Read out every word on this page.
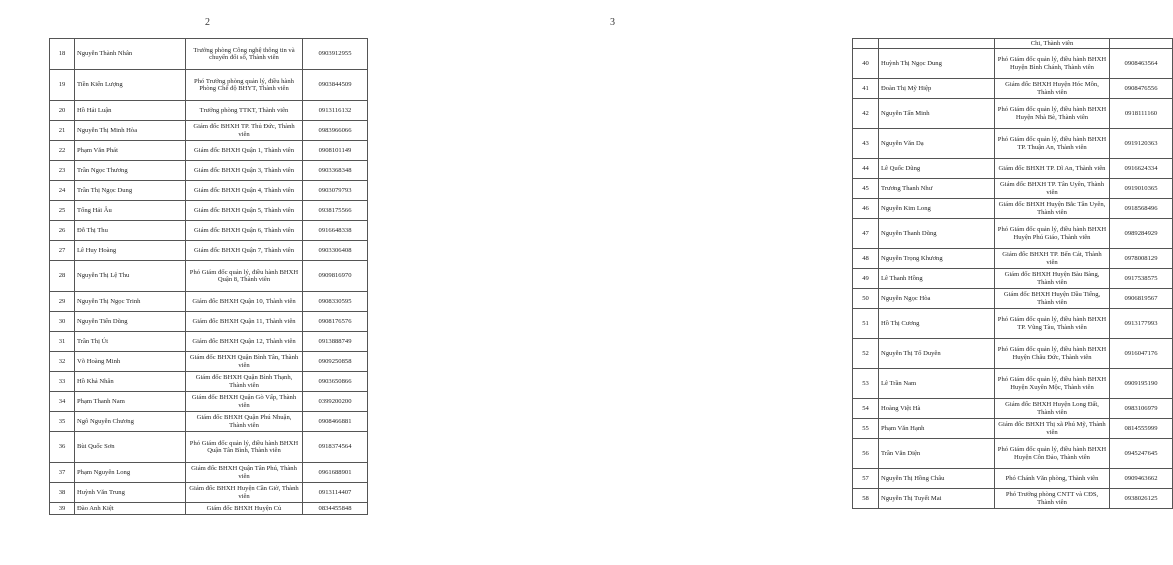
2
18	Nguyễn Thành Nhân	Trưởng phòng Công nghệ thông tin và chuyển đổi số, Thành viên	0903912955
19	Tiền Kiến Lượng	Phó Trưởng phòng quản lý, điều hành Phòng Chế độ BHYT, Thành viên	0903844509
20	Hồ Hải Luận	Trưởng phòng TTKT, Thành viên	0913116132
21	Nguyễn Thị Minh Hòa	Giám đốc BHXH TP. Thủ Đức, Thành viên	0983966066
22	Phạm Văn Phát	Giám đốc BHXH Quận 1, Thành viên	0908101149
23	Trần Ngọc Thương	Giám đốc BHXH Quận 3, Thành viên	0903368348
24	Trần Thị Ngọc Dung	Giám đốc BHXH Quận 4, Thành viên	0903079793
25	Tống Hải Âu	Giám đốc BHXH Quận 5, Thành viên	0938175566
26	Đỗ Thị Thu	Giám đốc BHXH Quận 6, Thành viên	0916648338
27	Lê Huy Hoàng	Giám đốc BHXH Quận 7, Thành viên	0903306408
28	Nguyễn Thị Lệ Thu	Phó Giám đốc quản lý, điều hành BHXH Quận 8, Thành viên	0909816970
29	Nguyễn Thị Ngọc Trinh	Giám đốc BHXH Quận 10, Thành viên	0908330595
30	Nguyễn Tiến Dũng	Giám đốc BHXH Quận 11, Thành viên	0908176576
31	Trần Thị Út	Giám đốc BHXH Quận 12, Thành viên	0913888749
32	Võ Hoàng Minh	Giám đốc BHXH Quận Bình Tân, Thành viên	0909250858
33	Hồ Khả Nhân	Giám đốc BHXH Quận Bình Thạnh, Thành viên	0903650866
34	Phạm Thanh Nam	Giám đốc BHXH Quận Gò Vấp, Thành viên	0399200200
35	Ngô Nguyễn Chương	Giám đốc BHXH Quận Phú Nhuận, Thành viên	0908466881
36	Bùi Quốc Sơn	Phó Giám đốc quản lý, điều hành BHXH Quận Tân Bình, Thành viên	0918374564
37	Phạm Nguyên Long	Giám đốc BHXH Quận Tân Phú, Thành viên	0961688901
38	Huỳnh Văn Trung	Giám đốc BHXH Huyện Cần Giờ, Thành viên	0913114407
39	Đào Anh Kiệt	Giám đốc BHXH Huyện Củ	0834455848
3
		Chi, Thành viên	
40	Huỳnh Thị Ngọc Dung	Phó Giám đốc quản lý, điều hành BHXH Huyện Bình Chánh, Thành viên	0908463564
41	Đoàn Thị Mỹ Hiệp	Giám đốc BHXH Huyện Hóc Môn, Thành viên	0908476556
42	Nguyễn Tấn Minh	Phó Giám đốc quản lý, điều hành BHXH Huyện Nhà Bè, Thành viên	0918111160
43	Nguyễn Văn Dạ	Phó Giám đốc quản lý, điều hành BHXH TP. Thuận An, Thành viên	0919120363
44	Lê Quốc Dũng	Giám đốc BHXH TP. Dĩ An, Thành viên	0916624334
45	Trương Thanh Như	Giám đốc BHXH TP. Tân Uyên, Thành viên	0919010365
46	Nguyễn Kim Long	Giám đốc BHXH Huyện Bắc Tân Uyên, Thành viên	0918568496
47	Nguyễn Thanh Dũng	Phó Giám đốc quản lý, điều hành BHXH Huyện Phú Giáo, Thành viên	0989284929
48	Nguyễn Trọng Khương	Giám đốc BHXH TP. Bến Cát, Thành viên	0978008129
49	Lê Thanh Hồng	Giám đốc BHXH Huyện Bàu Bàng, Thành viên	0917538575
50	Nguyễn Ngọc Hòa	Giám đốc BHXH Huyện Dầu Tiếng, Thành viên	0906819567
51	Hồ Thị Cương	Phó Giám đốc quản lý, điều hành BHXH TP. Vũng Tàu, Thành viên	0913177993
52	Nguyễn Thị Tố Duyên	Phó Giám đốc quản lý, điều hành BHXH Huyện Châu Đức, Thành viên	0916047176
53	Lê Trần Nam	Phó Giám đốc quản lý, điều hành BHXH Huyện Xuyên Mộc, Thành viên	0909195190
54	Hoàng Việt Hà	Giám đốc BHXH Huyện Long Đất, Thành viên	0983106979
55	Phạm Văn Hạnh	Giám đốc BHXH Thị xã Phú Mỹ, Thành viên	0814555999
56	Trần Văn Diện	Phó Giám đốc quản lý, điều hành BHXH Huyện Côn Đảo, Thành viên	0945247645
57	Nguyễn Thị Hồng Châu	Phó Chánh Văn phòng, Thành viên	0909463662
58	Nguyễn Thị Tuyết Mai	Phó Trưởng phòng CNTT và CĐS, Thành viên	0938026125
